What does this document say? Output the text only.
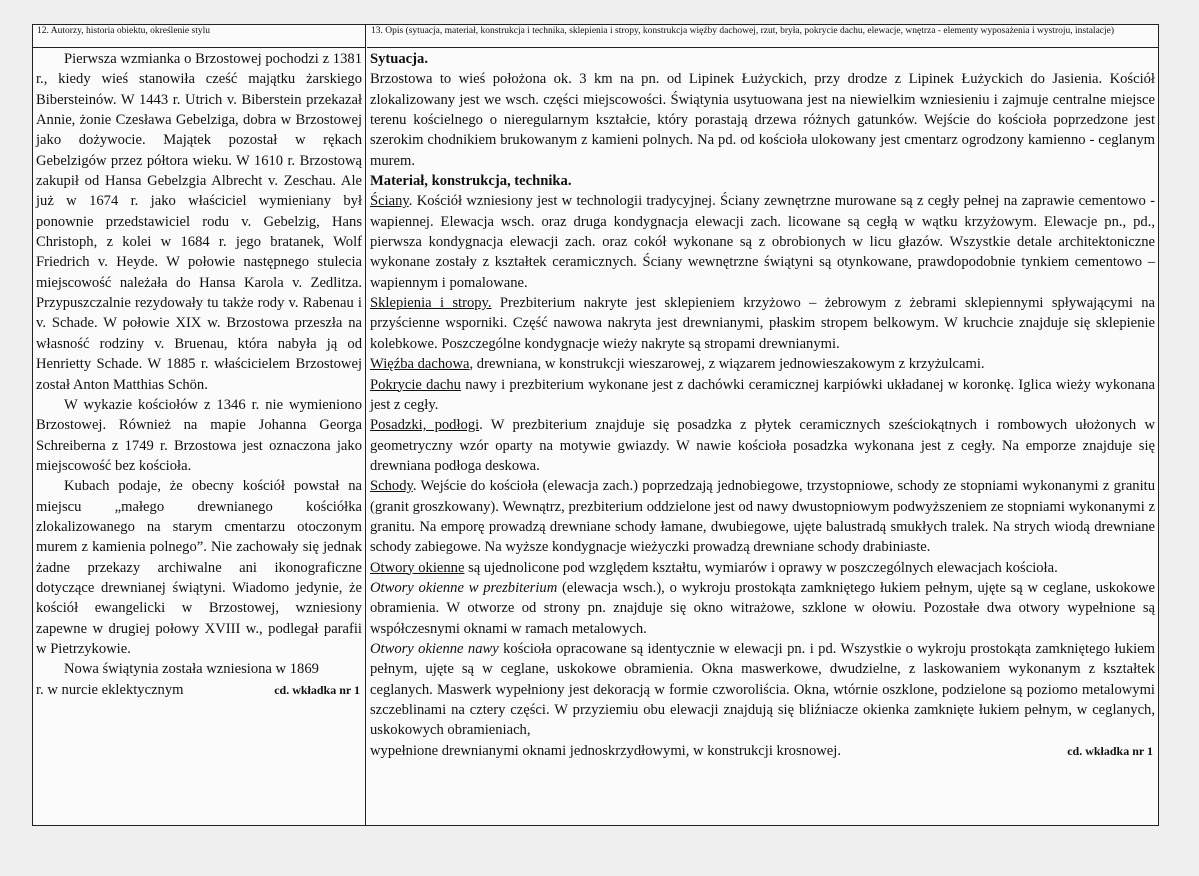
12. Autorzy, historia obiektu, określenie stylu

Pierwsza wzmianka o Brzostowej pochodzi z 1381 r., kiedy wieś stanowiła cześć majątku żarskiego Bibersteinów. W 1443 r. Utrich v. Biberstein przekazał Annie, żonie Czesława Gebelziga, dobra w Brzostowej jako dożywocie. Majątek pozostał w rękach Gebelzigów przez półtora wieku. W 1610 r. Brzostową zakupił od Hansa Gebelzgia Albrecht v. Zeschau. Ale już w 1674 r. jako właściciel wymieniany był ponownie przedstawiciel rodu v. Gebelzig, Hans Christoph, z kolei w 1684 r. jego bratanek, Wolf Friedrich v. Heyde. W połowie następnego stulecia miejscowość należała do Hansa Karola v. Zedlitza. Przypuszczalnie rezydowały tu także rody v. Rabenau i v. Schade. W połowie XIX w. Brzostowa przeszła na własność rodziny v. Bruenau, która nabyła ją od Henrietty Schade. W 1885 r. właścicielem Brzostowej został Anton Matthias Schön.

W wykazie kościołów z 1346 r. nie wymieniono Brzostowej. Również na mapie Johanna Georga Schreiberna z 1749 r. Brzostowa jest oznaczona jako miejscowość bez kościoła.

Kubach podaje, że obecny kościół powstał na miejscu „małego drewnianego kościółka zlokalizowanego na starym cmentarzu otoczonym murem z kamienia polnego”. Nie zachowały się jednak żadne przekazy archiwalne ani ikonograficzne dotyczące drewnianej świątyni. Wiadomo jedynie, że kościół ewangelicki w Brzostowej, wzniesiony zapewne w drugiej połowy XVIII w., podlegał parafii w Pietrzykowie.

Nowa świątynia została wzniesiona w 1869

r. w nurcie eklektycznym	cd. wkładka nr 1

13. Opis (sytuacja, materiał, konstrukcja i technika, sklepienia i stropy, konstrukcja więźby dachowej, rzut, bryła, pokrycie dachu, elewacje, wnętrza - elementy wyposażenia i wystroju, instalacje)

Sytuacja.

Brzostowa to wieś położona ok. 3 km na pn. od Lipinek Łużyckich, przy drodze z Lipinek Łużyckich do Jasienia. Kościół zlokalizowany jest we wsch. części miejscowości. Świątynia usytuowana jest na niewielkim wzniesieniu i zajmuje centralne miejsce terenu kościelnego o nieregularnym kształcie, który porastają drzewa różnych gatunków. Wejście do kościoła poprzedzone jest szerokim chodnikiem brukowanym z kamieni polnych. Na pd. od kościoła ulokowany jest cmentarz ogrodzony kamienno - ceglanym murem.

Materiał, konstrukcja, technika.

Ściany. Kościół wzniesiony jest w technologii tradycyjnej. Ściany zewnętrzne murowane są z cegły pełnej na zaprawie cementowo - wapiennej. Elewacja wsch. oraz druga kondygnacja elewacji zach. licowane są cegłą w wątku krzyżowym. Elewacje pn., pd., pierwsza kondygnacja elewacji zach. oraz cokół wykonane są z obrobionych w licu głazów. Wszystkie detale architektoniczne wykonane zostały z kształtek ceramicznych. Ściany wewnętrzne świątyni są otynkowane, prawdopodobnie tynkiem cementowo – wapiennym i pomalowane.

Sklepienia i stropy. Prezbiterium nakryte jest sklepieniem krzyżowo – żebrowym z żebrami sklepiennymi spływającymi na przyścienne wsporniki. Część nawowa nakryta jest drewnianymi, płaskim stropem belkowym. W kruchcie znajduje się sklepienie kolebkowe. Poszczególne kondygnacje wieży nakryte są stropami drewnianymi.

Więźba dachowa, drewniana, w konstrukcji wieszarowej, z wiązarem jednowieszakowym z krzyżulcami.

Pokrycie dachu nawy i prezbiterium wykonane jest z dachówki ceramicznej karpiówki układanej w koronkę. Iglica wieży wykonana jest z cegły.

Posadzki, podłogi. W prezbiterium znajduje się posadzka z płytek ceramicznych sześciokątnych i rombowych ułożonych w geometryczny wzór oparty na motywie gwiazdy. W nawie kościoła posadzka wykonana jest z cegły. Na emporze znajduje się drewniana podłoga deskowa.

Schody. Wejście do kościoła (elewacja zach.) poprzedzają jednobiegowe, trzystopniowe, schody ze stopniami wykonanymi z granitu (granit groszkowany). Wewnątrz, prezbiterium oddzielone jest od nawy dwustopniowym podwyższeniem ze stopniami wykonanymi z granitu. Na emporę prowadzą drewniane schody łamane, dwubiegowe, ujęte balustradą smukłych tralek. Na strych wiodą drewniane schody zabiegowe. Na wyższe kondygnacje wieżyczki prowadzą drewniane schody drabiniaste.

Otwory okienne są ujednolicone pod względem kształtu, wymiarów i oprawy w poszczególnych elewacjach kościoła.

Otwory okienne w prezbiterium (elewacja wsch.), o wykroju prostokąta zamkniętego łukiem pełnym, ujęte są w ceglane, uskokowe obramienia. W otworze od strony pn. znajduje się okno witrażowe, szklone w ołowiu. Pozostałe dwa otwory wypełnione są współczesnymi oknami w ramach metalowych.

Otwory okienne nawy kościoła opracowane są identycznie w elewacji pn. i pd. Wszystkie o wykroju prostokąta zamkniętego łukiem pełnym, ujęte są w ceglane, uskokowe obramienia. Okna maswerkowe, dwudzielne, z laskowaniem wykonanym z kształtek ceglanych. Maswerk wypełniony jest dekoracją w formie czworoliścia. Okna, wtórnie oszklone, podzielone są poziomo metalowymi szczeblinami na cztery części. W przyziemiu obu elewacji znajdują się bliźniacze okienka zamknięte łukiem pełnym, w ceglanych, uskokowych obramieniach,

wypełnione drewnianymi oknami jednoskrzydłowymi, w konstrukcji krosnowej.	cd. wkładka nr 1
